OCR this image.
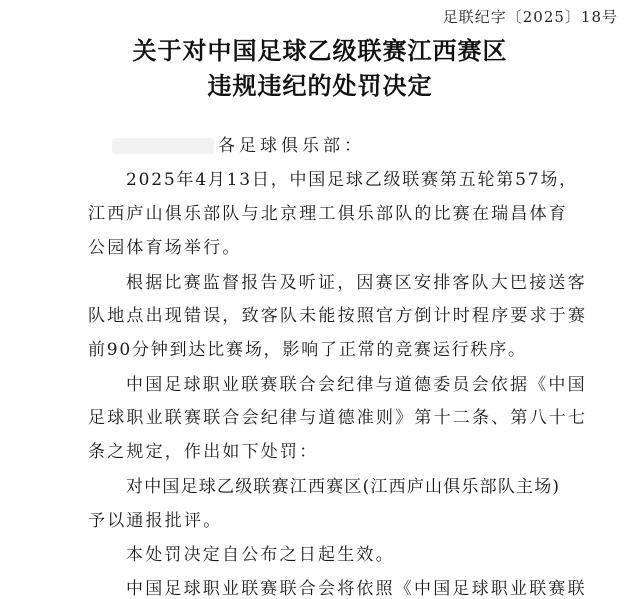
足联纪字〔2025〕18号
关于对中国足球乙级联赛江西赛区
违规违纪的处罚决定
各足球俱乐部：
2025年4月13日，中国足球乙级联赛第五轮第57场，
江西庐山俱乐部队与北京理工俱乐部队的比赛在瑞昌体育
公园体育场举行。
根据比赛监督报告及听证，因赛区安排客队大巴接送客
队地点出现错误，致客队未能按照官方倒计时程序要求于赛
前90分钟到达比赛场，影响了正常的竞赛运行秩序。
中国足球职业联赛联合会纪律与道德委员会依据《中国
足球职业联赛联合会纪律与道德准则》第十二条、第八十七
条之规定，作出如下处罚：
对中国足球乙级联赛江西赛区(江西庐山俱乐部队主场)
予以通报批评。
本处罚决定自公布之日起生效。
中国足球职业联赛联合会将依照《中国足球职业联赛联
